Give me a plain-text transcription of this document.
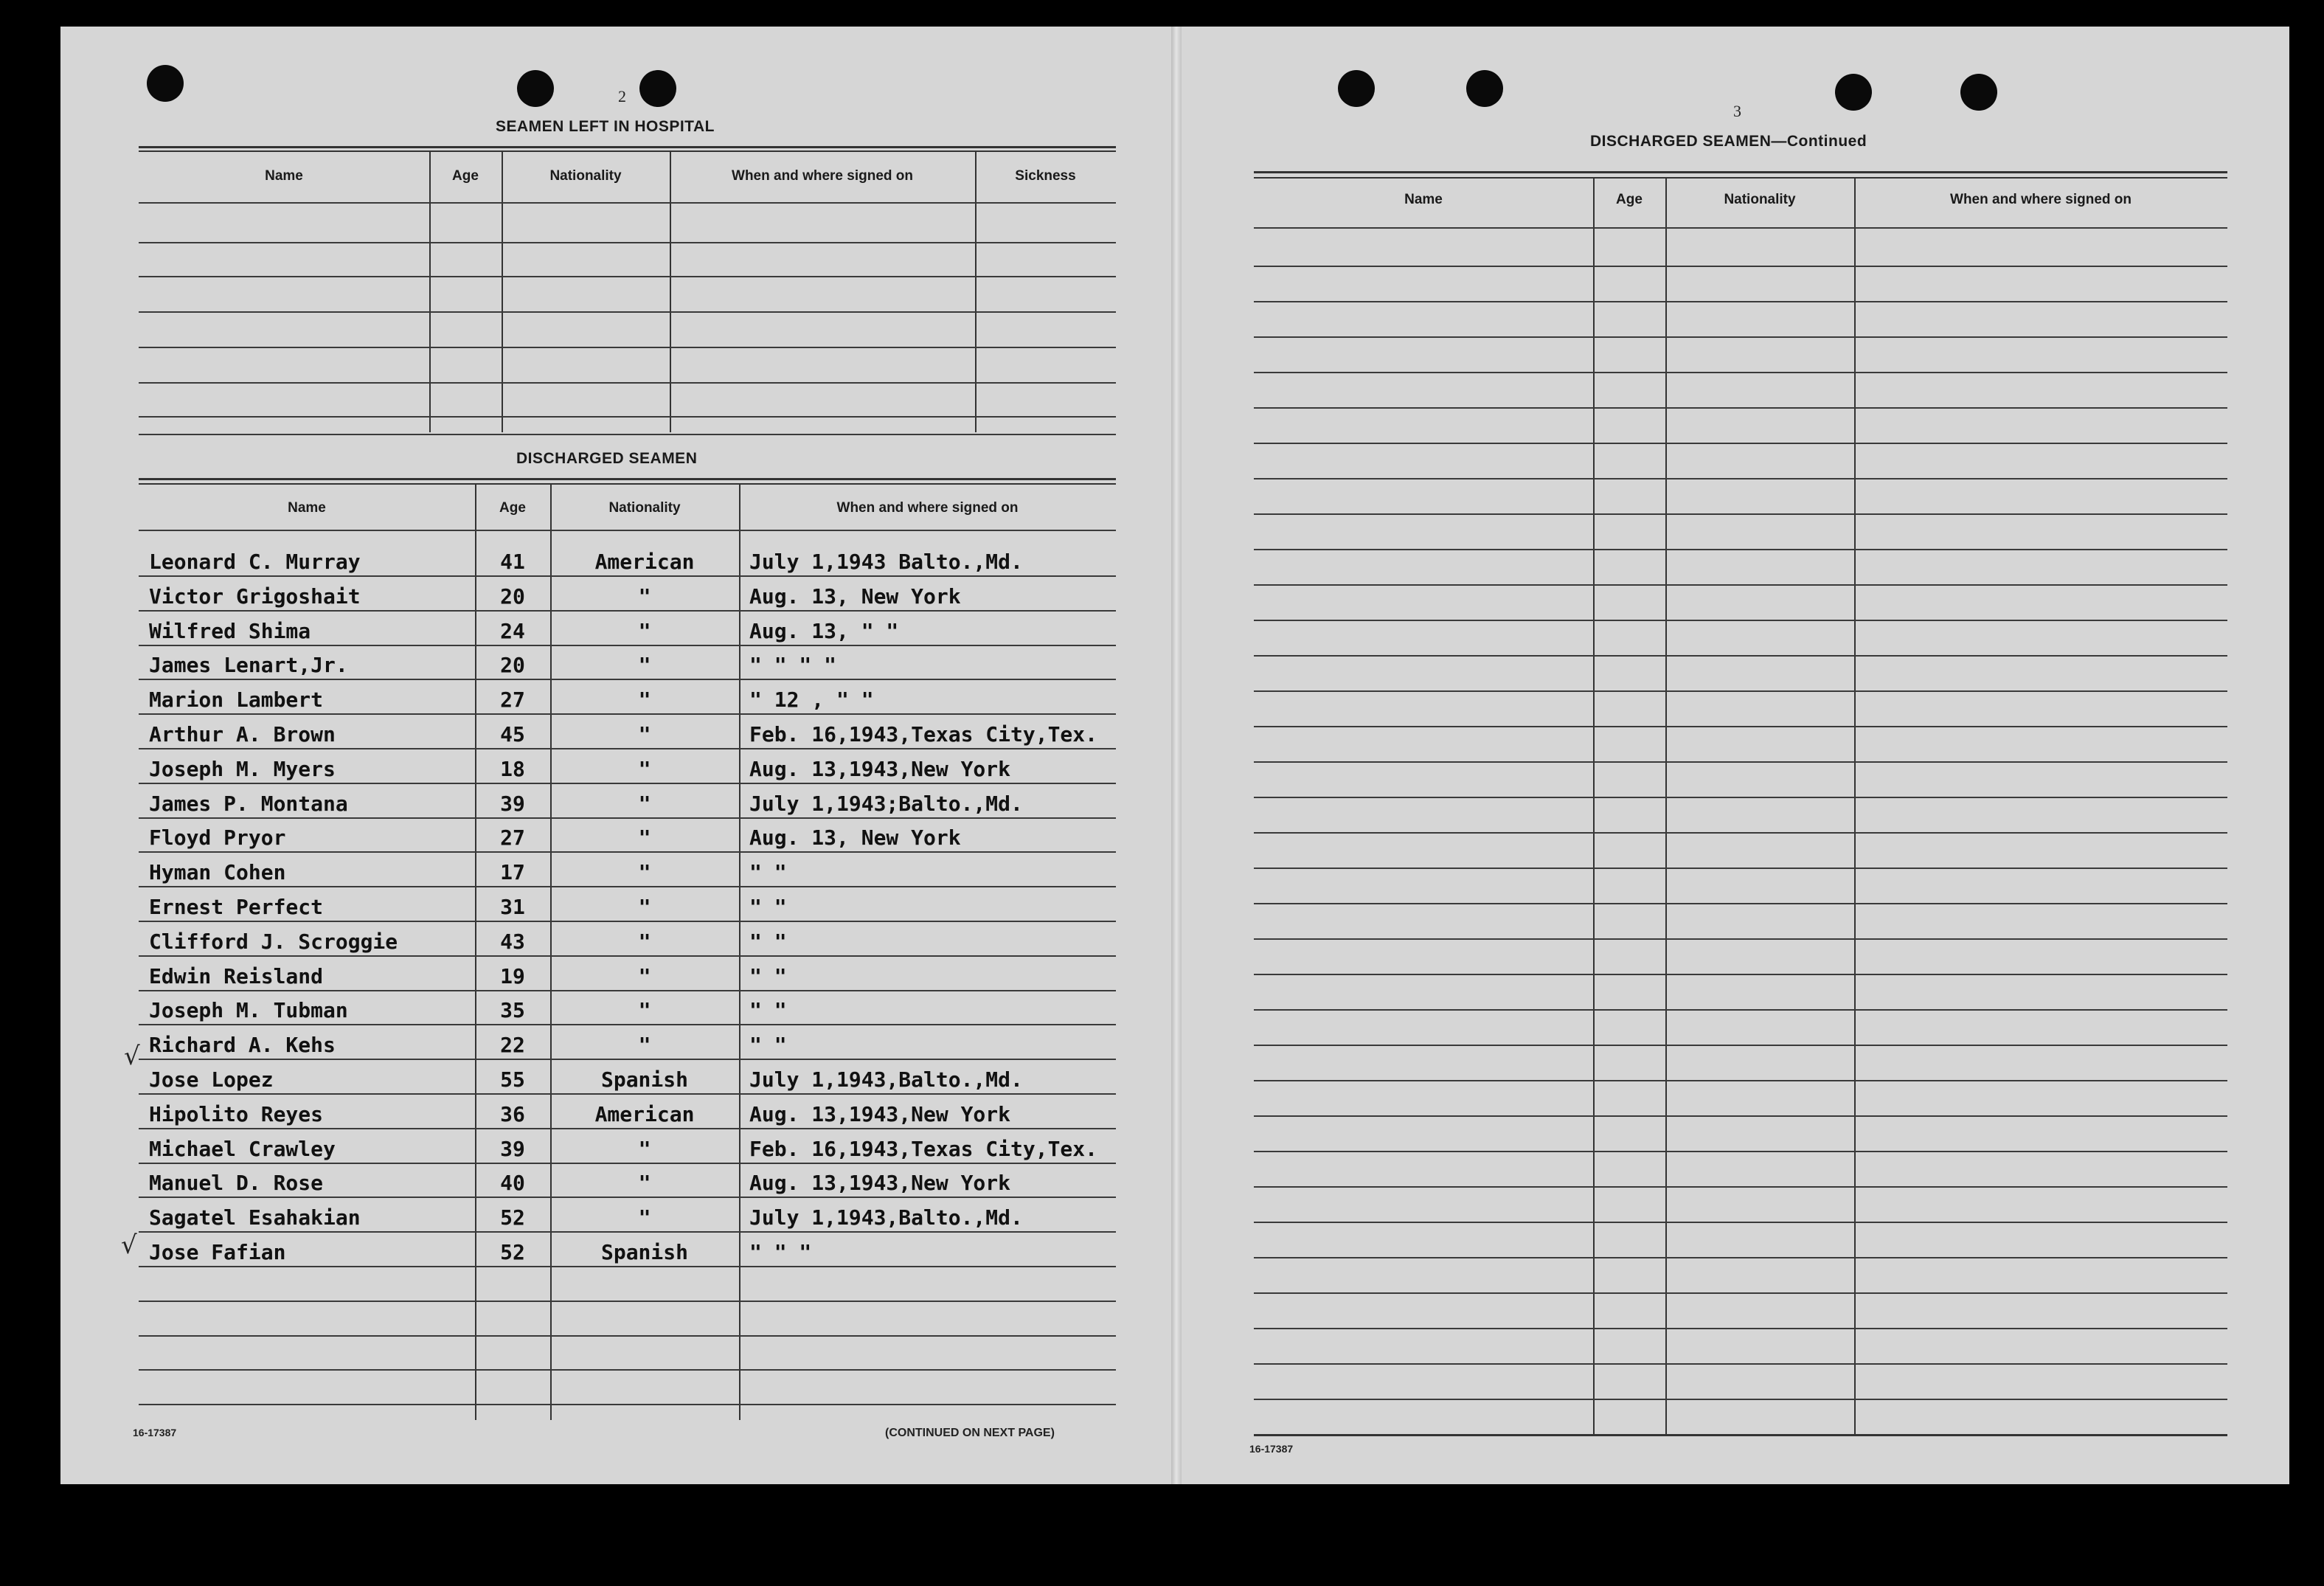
2
SEAMEN LEFT IN HOSPITAL
Name	Age	Nationality	When and where signed on	Sickness
DISCHARGED SEAMEN
Name	Age	Nationality	When and where signed on
Leonard C. Murray	41	American	July 1,1943 Balto.,Md.
Victor Grigoshait	20	"	Aug. 13, New York
Wilfred Shima	24	"	Aug. 13, " "
James Lenart,Jr.	20	"	" " " "
Marion Lambert	27	"	" 12 , " "
Arthur A. Brown	45	"	Feb. 16,1943,Texas City,Tex.
Joseph M. Myers	18	"	Aug. 13,1943,New York
James P. Montana	39	"	July 1,1943;Balto.,Md.
Floyd Pryor	27	"	Aug. 13, New York
Hyman Cohen	17	"	" "
Ernest Perfect	31	"	" "
Clifford J. Scroggie	43	"	" "
Edwin Reisland	19	"	" "
Joseph M. Tubman	35	"	" "
Richard A. Kehs	22	"	" "
Jose Lopez	55	Spanish	July 1,1943,Balto.,Md.
Hipolito Reyes	36	American	Aug. 13,1943,New York
Michael Crawley	39	"	Feb. 16,1943,Texas City,Tex.
Manuel D. Rose	40	"	Aug. 13,1943,New York
Sagatel Esahakian	52	"	July 1,1943,Balto.,Md.
Jose Fafian	52	Spanish	" " "
√
√
16-17387	(CONTINUED ON NEXT PAGE)
3
DISCHARGED SEAMEN—Continued
Name	Age	Nationality	When and where signed on
16-17387
